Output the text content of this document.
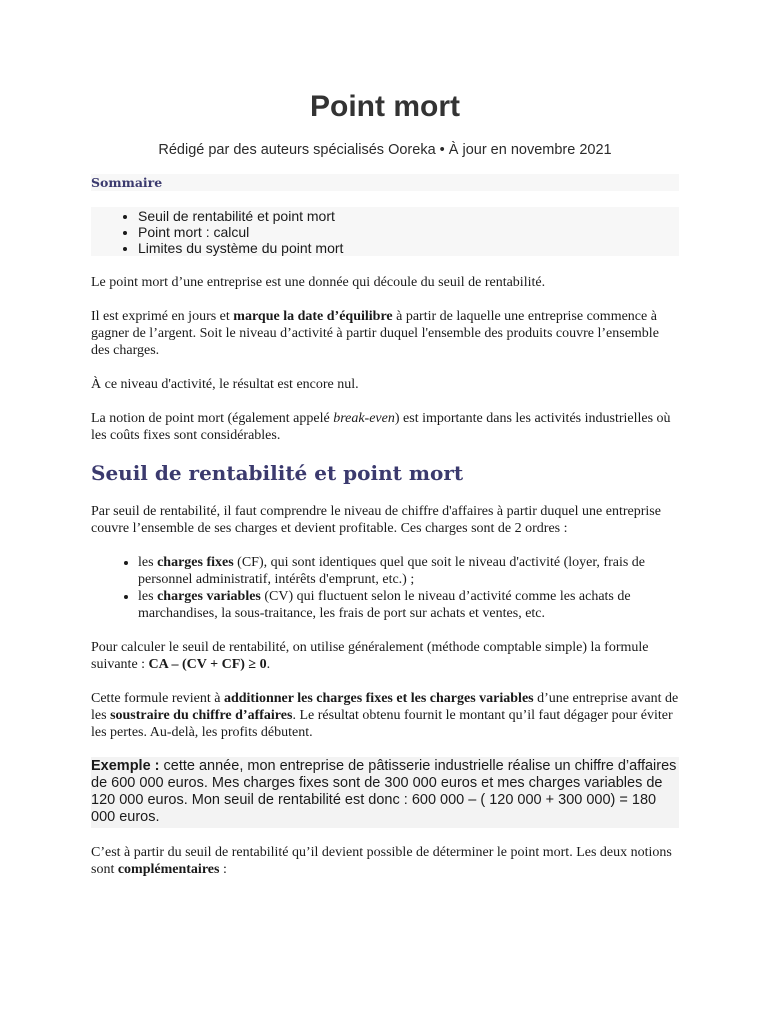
Point mort
Rédigé par des auteurs spécialisés Ooreka • À jour en novembre 2021
Sommaire
• Seuil de rentabilité et point mort
• Point mort : calcul
• Limites du système du point mort

Le point mort d’une entreprise est une donnée qui découle du seuil de rentabilité.

Il est exprimé en jours et marque la date d’équilibre à partir de laquelle une entreprise commence à gagner de l’argent. Soit le niveau d’activité à partir duquel l'ensemble des produits couvre l’ensemble des charges.

À ce niveau d'activité, le résultat est encore nul.

La notion de point mort (également appelé break-even) est importante dans les activités industrielles où les coûts fixes sont considérables.

Seuil de rentabilité et point mort

Par seuil de rentabilité, il faut comprendre le niveau de chiffre d'affaires à partir duquel une entreprise couvre l’ensemble de ses charges et devient profitable. Ces charges sont de 2 ordres :

• les charges fixes (CF), qui sont identiques quel que soit le niveau d'activité (loyer, frais de personnel administratif, intérêts d'emprunt, etc.) ;
• les charges variables (CV) qui fluctuent selon le niveau d’activité comme les achats de marchandises, la sous-traitance, les frais de port sur achats et ventes, etc.

Pour calculer le seuil de rentabilité, on utilise généralement (méthode comptable simple) la formule suivante : CA – (CV + CF) ≥ 0.

Cette formule revient à additionner les charges fixes et les charges variables d’une entreprise avant de les soustraire du chiffre d’affaires. Le résultat obtenu fournit le montant qu’il faut dégager pour éviter les pertes. Au-delà, les profits débutent.

Exemple : cette année, mon entreprise de pâtisserie industrielle réalise un chiffre d’affaires de 600 000 euros. Mes charges fixes sont de 300 000 euros et mes charges variables de 120 000 euros. Mon seuil de rentabilité est donc : 600 000 – ( 120 000 + 300 000) = 180 000 euros.

C’est à partir du seuil de rentabilité qu’il devient possible de déterminer le point mort. Les deux notions sont complémentaires :
